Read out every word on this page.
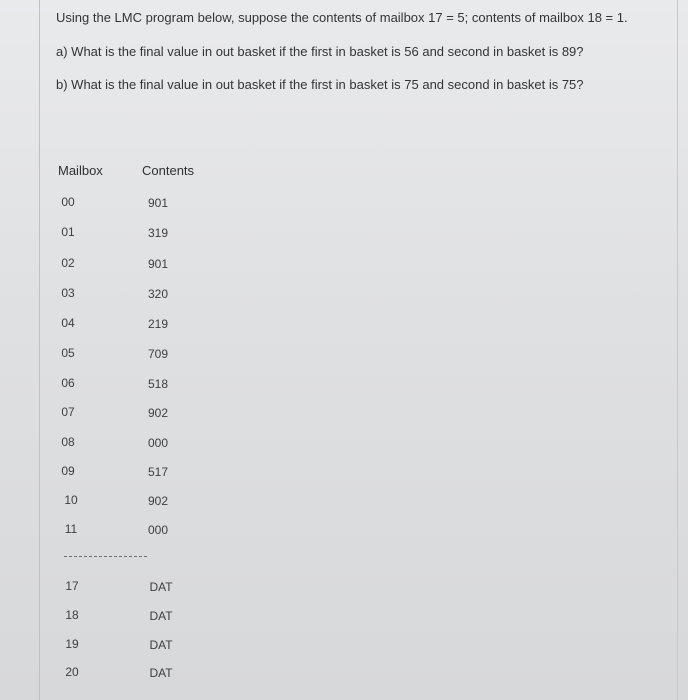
Using the LMC program below, suppose the contents of mailbox 17 = 5; contents of mailbox 18 = 1.
a) What is the final value in out basket if the first in basket is 56 and second in basket is 89?
b) What is the final value in out basket if the first in basket is 75 and second in basket is 75?
Mailbox	Contents
00	901
01	319
02	901
03	320
04	219
05	709
06	518
07	902
08	000
09	517
10	902
11	000
17	DAT
18	DAT
19	DAT
20	DAT
